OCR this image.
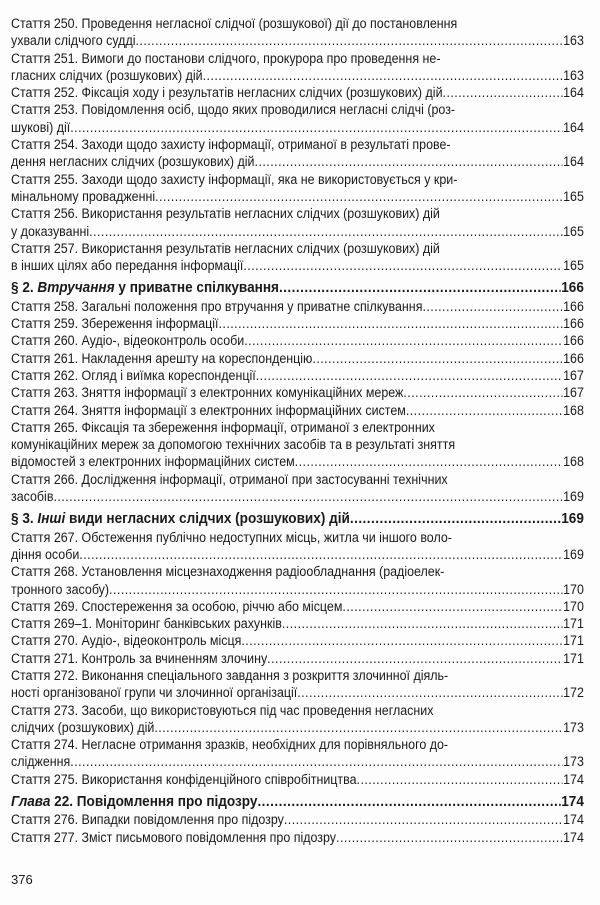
Стаття 250. Проведення негласної слідчої (розшукової) дії до постановлення
ухвали слідчого судді .....	163
Стаття 251. Вимоги до постанови слідчого, прокурора про проведення не-
гласних слідчих (розшукових) дій .....	163
Стаття 252. Фіксація ходу і результатів негласних слідчих (розшукових) дій .....	164
Стаття 253. Повідомлення осіб, щодо яких проводилися негласні слідчі (роз-
шукові) дії .....	164
Стаття 254. Заходи щодо захисту інформації, отриманої в результаті прове-
дення негласних слідчих (розшукових) дій .....	164
Стаття 255. Заходи щодо захисту інформації, яка не використовується у кри-
мінальному провадженні .....	165
Стаття 256. Використання результатів негласних слідчих (розшукових) дій
у доказуванні .....	165
Стаття 257. Використання результатів негласних слідчих (розшукових) дій
в інших цілях або передання інформації .....	165
§ 2. Втручання у приватне спілкування .....	166
Стаття 258. Загальні положення про втручання у приватне спілкування .....	166
Стаття 259. Збереження інформації .....	166
Стаття 260. Аудіо-, відеоконтроль особи .....	166
Стаття 261. Накладення арешту на кореспонденцію .....	166
Стаття 262. Огляд і виїмка кореспонденції .....	167
Стаття 263. Зняття інформації з електронних комунікаційних мереж .....	167
Стаття 264. Зняття інформації з електронних інформаційних систем .....	168
Стаття 265. Фіксація та збереження інформації, отриманої з електронних
комунікаційних мереж за допомогою технічних засобів та в результаті зняття
відомостей з електронних інформаційних систем .....	168
Стаття 266. Дослідження інформації, отриманої при застосуванні технічних
засобів .....	169
§ 3. Інші види негласних слідчих (розшукових) дій .....	169
Стаття 267. Обстеження публічно недоступних місць, житла чи іншого воло-
діння особи .....	169
Стаття 268. Установлення місцезнаходження радіообладнання (радіоелек-
тронного засобу) .....	170
Стаття 269. Спостереження за особою, річчю або місцем .....	170
Стаття 269–1. Моніторинг банківських рахунків .....	171
Стаття 270. Аудіо-, відеоконтроль місця .....	171
Стаття 271. Контроль за вчиненням злочину .....	171
Стаття 272. Виконання спеціального завдання з розкриття злочинної діяль-
ності організованої групи чи злочинної організації .....	172
Стаття 273. Засоби, що використовуються під час проведення негласних
слідчих (розшукових) дій .....	173
Стаття 274. Негласне отримання зразків, необхідних для порівняльного до-
слідження .....	173
Стаття 275. Використання конфіденційного співробітництва .....	174
Глава 22. Повідомлення про підозру .....	174
Стаття 276. Випадки повідомлення про підозру .....	174
Стаття 277. Зміст письмового повідомлення про підозру .....	174
376
